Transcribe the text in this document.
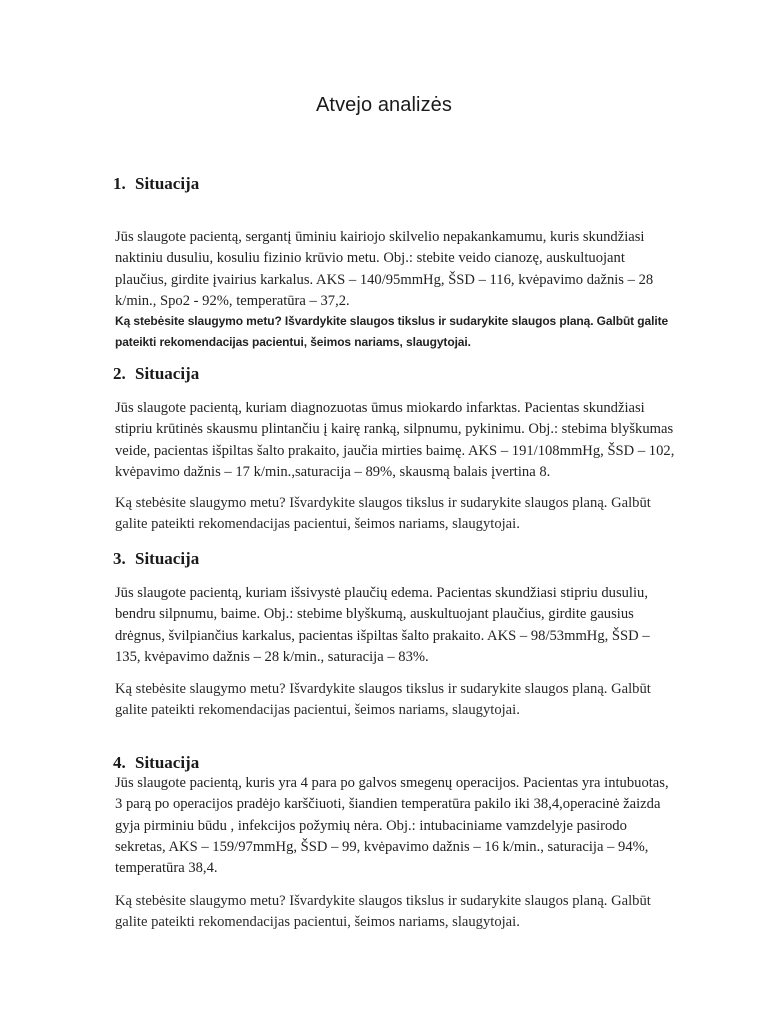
Atvejo analizės
1. Situacija

Jūs slaugote pacientą, sergantį ūminiu kairiojo skilvelio nepakankamumu, kuris skundžiasi naktiniu dusuliu, kosuliu fizinio krūvio metu. Obj.: stebite veido cianozę, auskultuojant plaučius, girdite įvairius karkalus. AKS – 140/95mmHg, ŠSD – 116, kvėpavimo dažnis – 28 k/min., Spo2 - 92%, temperatūra – 37,2.

Ką stebėsite slaugymo metu? Išvardykite slaugos tikslus ir sudarykite slaugos planą. Galbūt galite pateikti rekomendacijas pacientui, šeimos nariams, slaugytojai.

2. Situacija

Jūs slaugote pacientą, kuriam diagnozuotas ūmus miokardo infarktas. Pacientas skundžiasi stipriu krūtinės skausmu plintančiu į kairę ranką, silpnumu, pykinimu. Obj.: stebima blyškumas veide, pacientas išpiltas šalto prakaito, jaučia mirties baimę. AKS – 191/108mmHg, ŠSD – 102, kvėpavimo dažnis – 17 k/min.,saturacija – 89%, skausmą balais įvertina 8.

Ką stebėsite slaugymo metu? Išvardykite slaugos tikslus ir sudarykite slaugos planą. Galbūt galite pateikti rekomendacijas pacientui, šeimos nariams, slaugytojai.

3. Situacija

Jūs slaugote pacientą, kuriam išsivystė plaučių edema. Pacientas skundžiasi stipriu dusuliu, bendru silpnumu, baime. Obj.: stebime blyškumą, auskultuojant plaučius, girdite gausius drėgnus, švilpiančius karkalus, pacientas išpiltas šalto prakaito. AKS – 98/53mmHg, ŠSD – 135, kvėpavimo dažnis – 28 k/min., saturacija – 83%.

Ką stebėsite slaugymo metu? Išvardykite slaugos tikslus ir sudarykite slaugos planą. Galbūt galite pateikti rekomendacijas pacientui, šeimos nariams, slaugytojai.

4. Situacija

Jūs slaugote pacientą, kuris yra 4 para po galvos smegenų operacijos. Pacientas yra intubuotas, 3 parą po operacijos pradėjo karščiuoti, šiandien temperatūra pakilo iki 38,4,operacinė žaizda gyja pirminiu būdu , infekcijos požymių nėra. Obj.: intubaciniame vamzdelyje pasirodo sekretas, AKS – 159/97mmHg, ŠSD – 99, kvėpavimo dažnis – 16 k/min., saturacija – 94%, temperatūra 38,4.

Ką stebėsite slaugymo metu? Išvardykite slaugos tikslus ir sudarykite slaugos planą. Galbūt galite pateikti rekomendacijas pacientui, šeimos nariams, slaugytojai.
